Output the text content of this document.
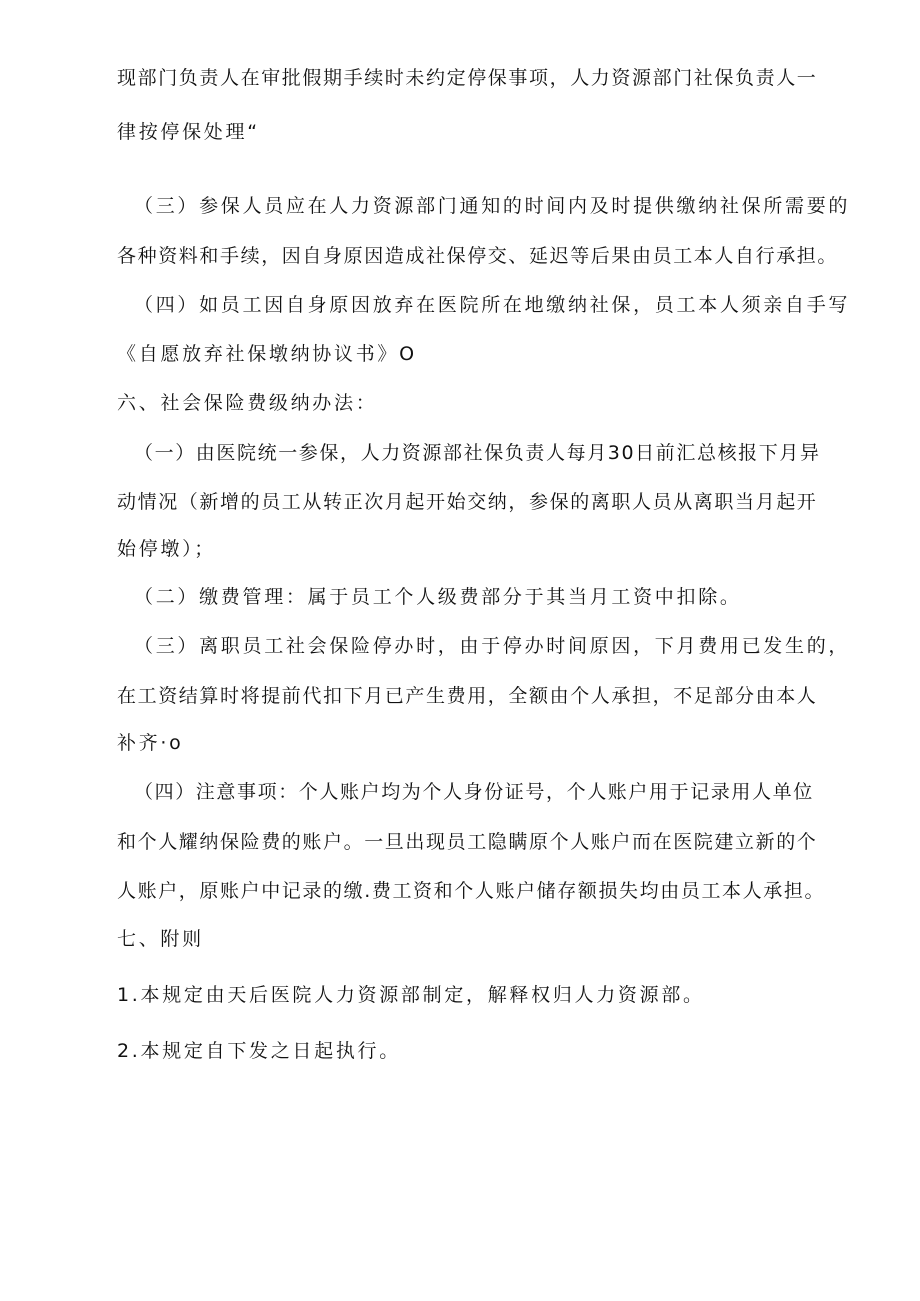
现部门负责人在审批假期手续时未约定停保事项，人力资源部门社保负责人一
律按停保处理“
（三）参保人员应在人力资源部门通知的时间内及时提供缴纳社保所需要的
各种资料和手续，因自身原因造成社保停交、延迟等后果由员工本人自行承担。
（四）如员工因自身原因放弃在医院所在地缴纳社保，员工本人须亲自手写
《自愿放弃社保墩纳协议书》O
六、社会保险费级纳办法：
（一）由医院统一参保，人力资源部社保负责人每月30日前汇总核报下月异
动情况（新增的员工从转正次月起开始交纳，参保的离职人员从离职当月起开
始停墩）；
（二）缴费管理：属于员工个人级费部分于其当月工资中扣除。
（三）离职员工社会保险停办时，由于停办时间原因，下月费用已发生的，
在工资结算时将提前代扣下月已产生费用，全额由个人承担，不足部分由本人
补齐·o
（四）注意事项：个人账户均为个人身份证号，个人账户用于记录用人单位
和个人耀纳保险费的账户。一旦出现员工隐瞒原个人账户而在医院建立新的个
人账户，原账户中记录的缴.费工资和个人账户储存额损失均由员工本人承担。
七、附则
1.本规定由天后医院人力资源部制定，解释权归人力资源部。
2.本规定自下发之日起执行。
